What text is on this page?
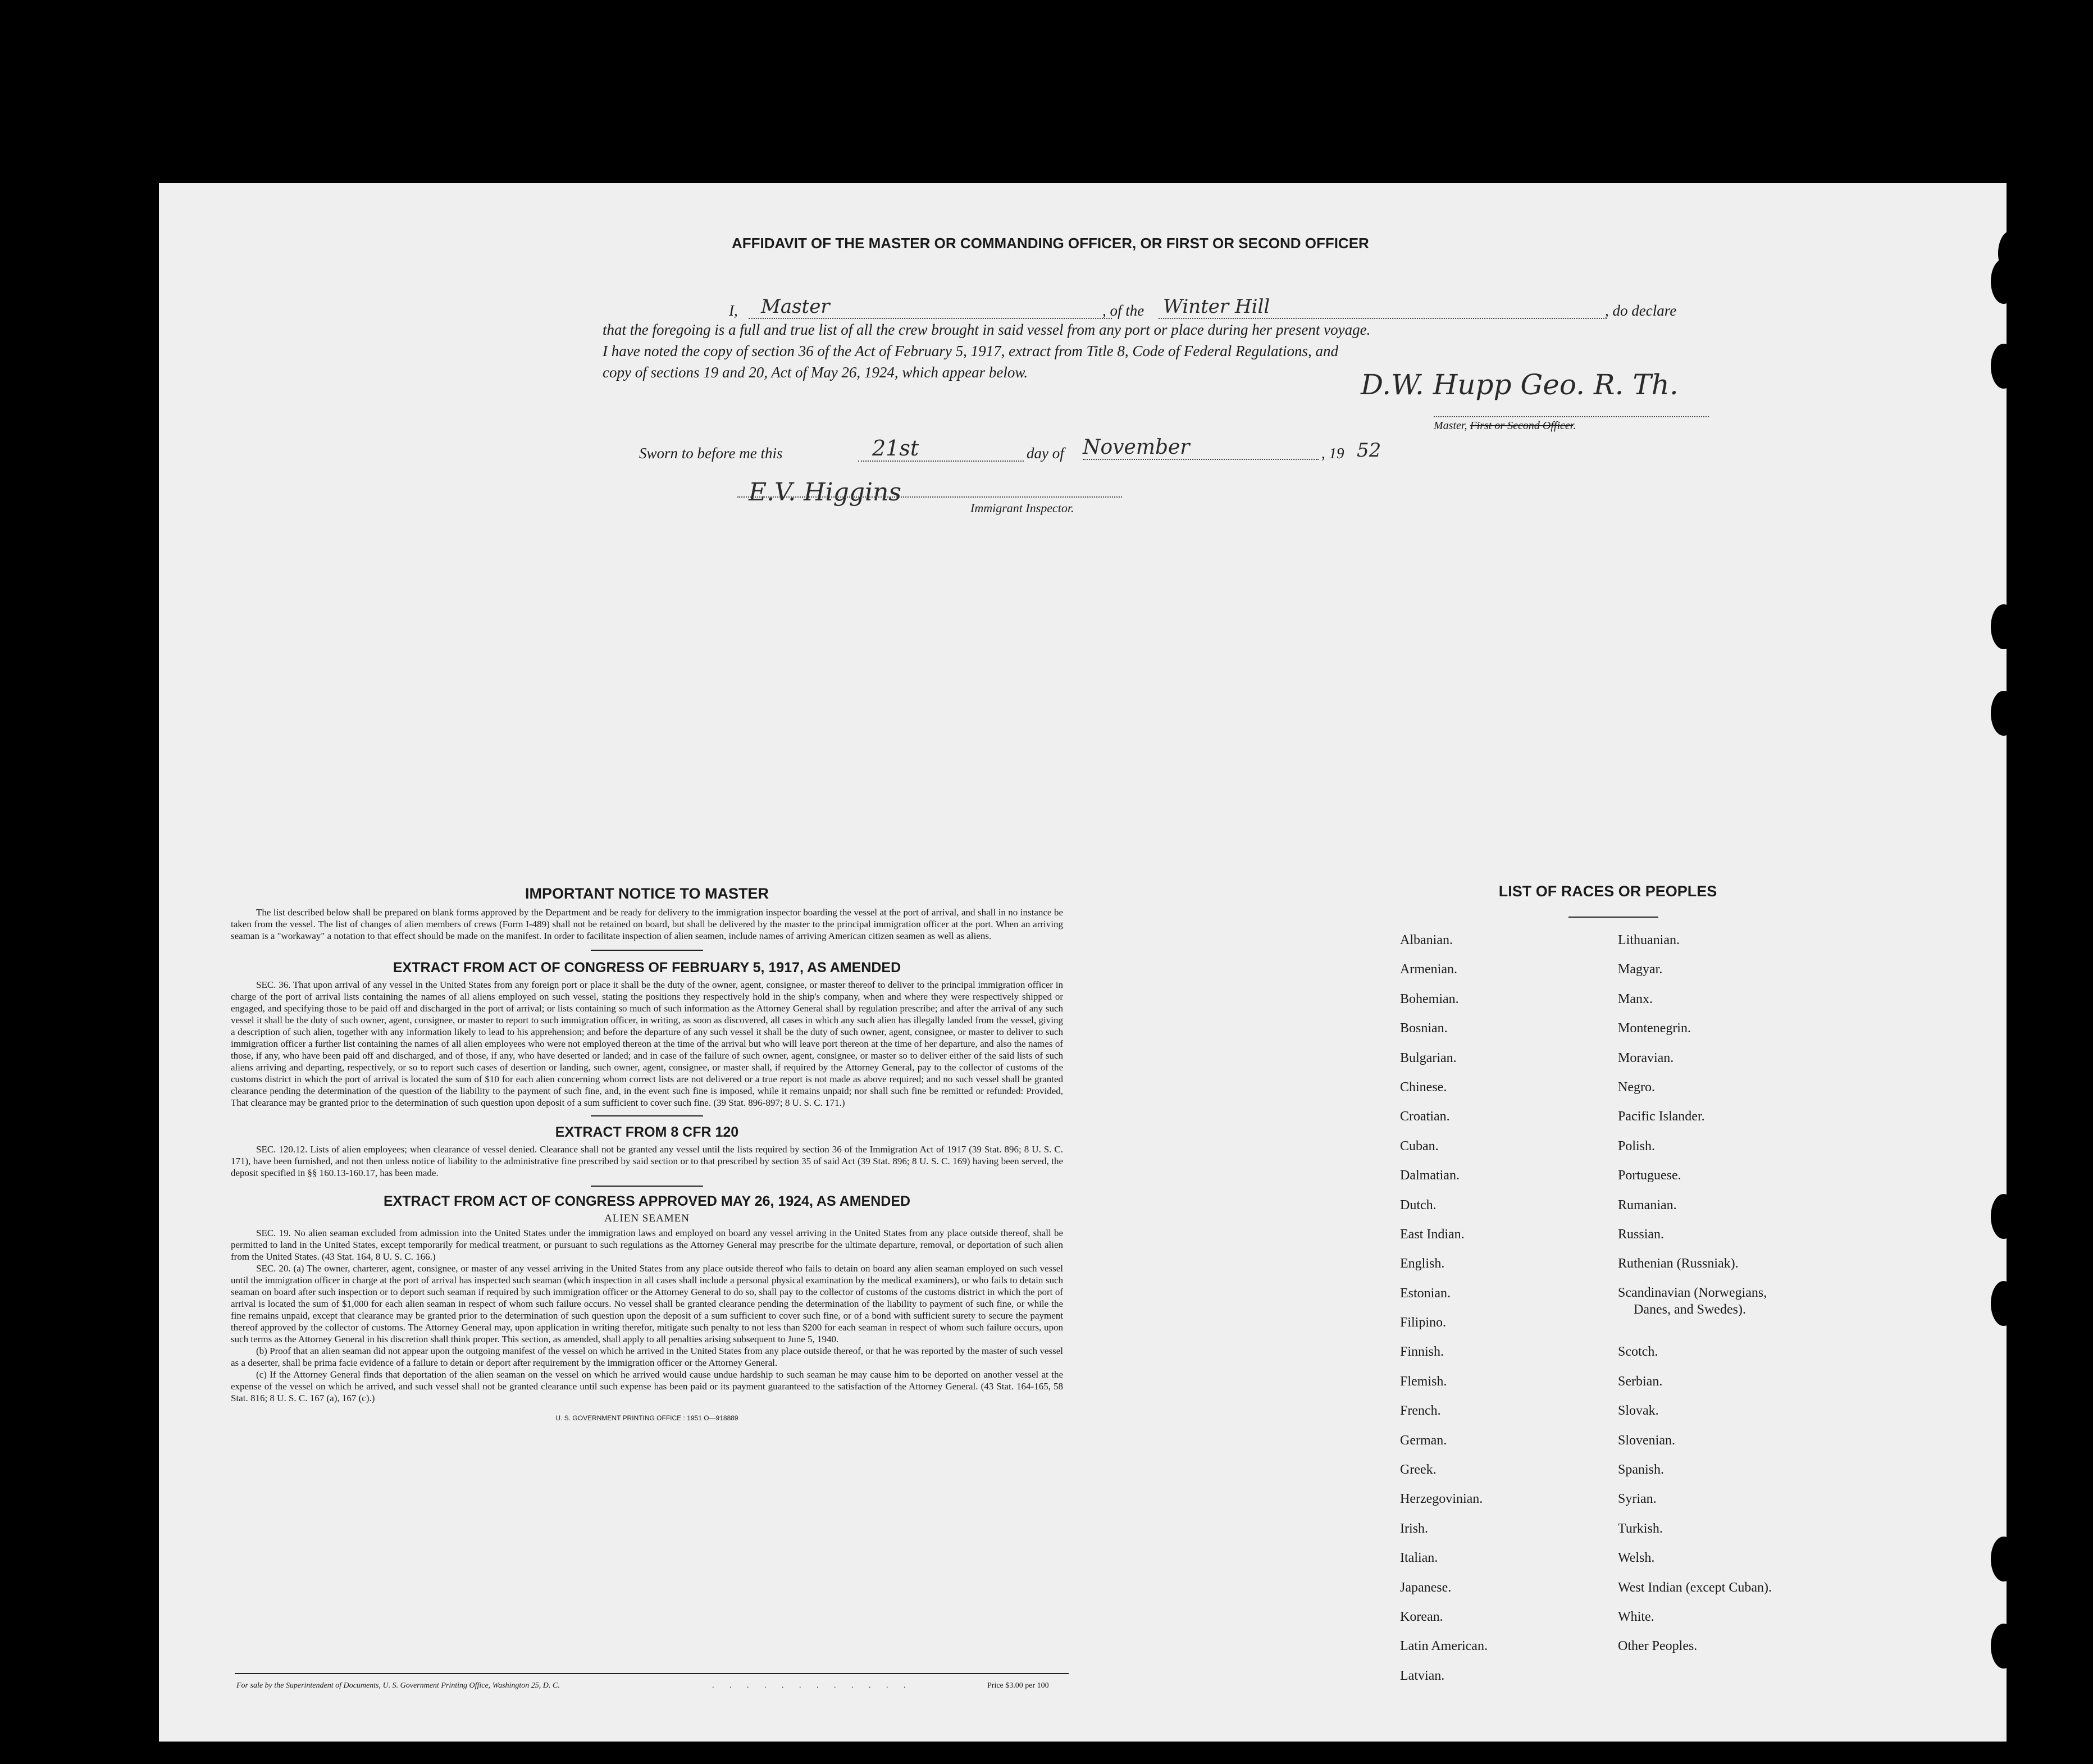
AFFIDAVIT OF THE MASTER OR COMMANDING OFFICER, OR FIRST OR SECOND OFFICER
I,	Master	, of the Winter Hill	, do declare
that the foregoing is a full and true list of all the crew brought in said vessel from any port or place during her present voyage.
I have noted the copy of section 36 of the Act of February 5, 1917, extract from Title 8, Code of Federal Regulations, and
copy of sections 19 and 20, Act of May 26, 1924, which appear below.	D.W. Hupp Geo. R. Th.
Master, First or Second Officer.
Sworn to before me this	21st	day of November	, 19 52
E.V. Higgins
Immigrant Inspector.
IMPORTANT NOTICE TO MASTER
The list described below shall be prepared on blank forms approved by the Department and be ready for delivery to the immigration inspector boarding the vessel at the port of arrival, and shall in no instance be taken from the vessel. The list of changes of alien members of crews (Form I-489) shall not be retained on board, but shall be delivered by the master to the principal immigration officer at the port. When an arriving seaman is a "workaway" a notation to that effect should be made on the manifest. In order to facilitate inspection of alien seamen, include names of arriving American citizen seamen as well as aliens.
EXTRACT FROM ACT OF CONGRESS OF FEBRUARY 5, 1917, AS AMENDED
SEC. 36. That upon arrival of any vessel in the United States from any foreign port or place it shall be the duty of the owner, agent, consignee, or master thereof to deliver to the principal immigration officer in charge of the port of arrival lists containing the names of all aliens employed on such vessel, stating the positions they respectively hold in the ship's company, when and where they were respectively shipped or engaged, and specifying those to be paid off and discharged in the port of arrival; or lists containing so much of such information as the Attorney General shall by regulation prescribe; and after the arrival of any such vessel it shall be the duty of such owner, agent, consignee, or master to report to such immigration officer, in writing, as soon as discovered, all cases in which any such alien has illegally landed from the vessel, giving a description of such alien, together with any information likely to lead to his apprehension; and before the departure of any such vessel it shall be the duty of such owner, agent, consignee, or master to deliver to such immigration officer a further list containing the names of all alien employees who were not employed thereon at the time of the arrival but who will leave port thereon at the time of her departure, and also the names of those, if any, who have been paid off and discharged, and of those, if any, who have deserted or landed; and in case of the failure of such owner, agent, consignee, or master so to deliver either of the said lists of such aliens arriving and departing, respectively, or so to report such cases of desertion or landing, such owner, agent, consignee, or master shall, if required by the Attorney General, pay to the collector of customs of the customs district in which the port of arrival is located the sum of $10 for each alien concerning whom correct lists are not delivered or a true report is not made as above required; and no such vessel shall be granted clearance pending the determination of the question of the liability to the payment of such fine, and, in the event such fine is imposed, while it remains unpaid; nor shall such fine be remitted or refunded: Provided, That clearance may be granted prior to the determination of such question upon deposit of a sum sufficient to cover such fine. (39 Stat. 896-897; 8 U. S. C. 171.)
EXTRACT FROM 8 CFR 120
SEC. 120.12. Lists of alien employees; when clearance of vessel denied. Clearance shall not be granted any vessel until the lists required by section 36 of the Immigration Act of 1917 (39 Stat. 896; 8 U. S. C. 171), have been furnished, and not then unless notice of liability to the administrative fine prescribed by said section or to that prescribed by section 35 of said Act (39 Stat. 896; 8 U. S. C. 169) having been served, the deposit specified in §§ 160.13-160.17, has been made.
EXTRACT FROM ACT OF CONGRESS APPROVED MAY 26, 1924, AS AMENDED
ALIEN SEAMEN
SEC. 19. No alien seaman excluded from admission into the United States under the immigration laws and employed on board any vessel arriving in the United States from any place outside thereof, shall be permitted to land in the United States, except temporarily for medical treatment, or pursuant to such regulations as the Attorney General may prescribe for the ultimate departure, removal, or deportation of such alien from the United States. (43 Stat. 164, 8 U. S. C. 166.)
SEC. 20. (a) The owner, charterer, agent, consignee, or master of any vessel arriving in the United States from any place outside thereof who fails to detain on board any alien seaman employed on such vessel until the immigration officer in charge at the port of arrival has inspected such seaman (which inspection in all cases shall include a personal physical examination by the medical examiners), or who fails to detain such seaman on board after such inspection or to deport such seaman if required by such immigration officer or the Attorney General to do so, shall pay to the collector of customs of the customs district in which the port of arrival is located the sum of $1,000 for each alien seaman in respect of whom such failure occurs. No vessel shall be granted clearance pending the determination of the liability to payment of such fine, or while the fine remains unpaid, except that clearance may be granted prior to the determination of such question upon the deposit of a sum sufficient to cover such fine, or of a bond with sufficient surety to secure the payment thereof approved by the collector of customs. The Attorney General may, upon application in writing therefor, mitigate such penalty to not less than $200 for each seaman in respect of whom such failure occurs, upon such terms as the Attorney General in his discretion shall think proper. This section, as amended, shall apply to all penalties arising subsequent to June 5, 1940.
(b) Proof that an alien seaman did not appear upon the outgoing manifest of the vessel on which he arrived in the United States from any place outside thereof, or that he was reported by the master of such vessel as a deserter, shall be prima facie evidence of a failure to detain or deport after requirement by the immigration officer or the Attorney General.
(c) If the Attorney General finds that deportation of the alien seaman on the vessel on which he arrived would cause undue hardship to such seaman he may cause him to be deported on another vessel at the expense of the vessel on which he arrived, and such vessel shall not be granted clearance until such expense has been paid or its payment guaranteed to the satisfaction of the Attorney General. (43 Stat. 164-165, 58 Stat. 816; 8 U. S. C. 167 (a), 167 (c).)
U. S. GOVERNMENT PRINTING OFFICE : 1951 O—918889
For sale by the Superintendent of Documents, U. S. Government Printing Office, Washington 25, D. C.	. . . . . . . . . . . .	Price $3.00 per 100
LIST OF RACES OR PEOPLES
Albanian.
Armenian.
Bohemian.
Bosnian.
Bulgarian.
Chinese.
Croatian.
Cuban.
Dalmatian.
Dutch.
East Indian.
English.
Estonian.
Filipino.
Finnish.
Flemish.
French.
German.
Greek.
Herzegovinian.
Irish.
Italian.
Japanese.
Korean.
Latin American.
Latvian.
Lithuanian.
Magyar.
Manx.
Montenegrin.
Moravian.
Negro.
Pacific Islander.
Polish.
Portuguese.
Rumanian.
Russian.
Ruthenian (Russniak).
Scandinavian (Norwegians,
Danes, and Swedes).
Scotch.
Serbian.
Slovak.
Slovenian.
Spanish.
Syrian.
Turkish.
Welsh.
West Indian (except Cuban).
White.
Other Peoples.
